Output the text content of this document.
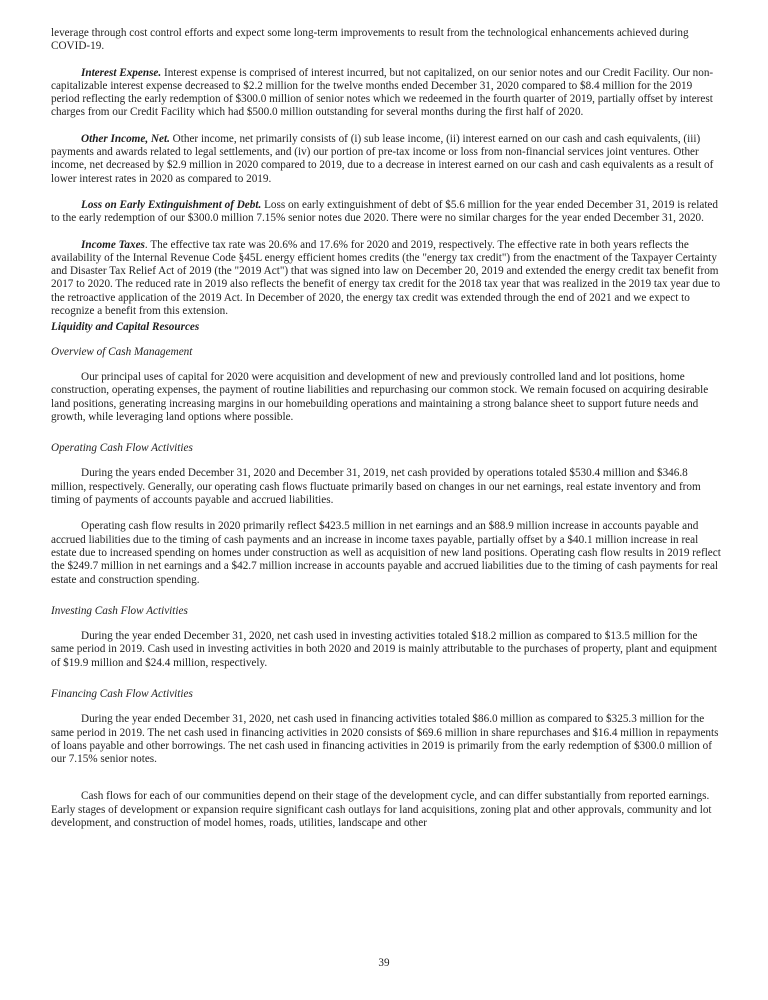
leverage through cost control efforts and expect some long-term improvements to result from the technological enhancements achieved during COVID-19.

Interest Expense. Interest expense is comprised of interest incurred, but not capitalized, on our senior notes and our Credit Facility. Our non-capitalizable interest expense decreased to $2.2 million for the twelve months ended December 31, 2020 compared to $8.4 million for the 2019 period reflecting the early redemption of $300.0 million of senior notes which we redeemed in the fourth quarter of 2019, partially offset by interest charges from our Credit Facility which had $500.0 million outstanding for several months during the first half of 2020.

Other Income, Net. Other income, net primarily consists of (i) sub lease income, (ii) interest earned on our cash and cash equivalents, (iii) payments and awards related to legal settlements, and (iv) our portion of pre-tax income or loss from non-financial services joint ventures. Other income, net decreased by $2.9 million in 2020 compared to 2019, due to a decrease in interest earned on our cash and cash equivalents as a result of lower interest rates in 2020 as compared to 2019.

Loss on Early Extinguishment of Debt. Loss on early extinguishment of debt of $5.6 million for the year ended December 31, 2019 is related to the early redemption of our $300.0 million 7.15% senior notes due 2020. There were no similar charges for the year ended December 31, 2020.

Income Taxes. The effective tax rate was 20.6% and 17.6% for 2020 and 2019, respectively. The effective rate in both years reflects the availability of the Internal Revenue Code §45L energy efficient homes credits (the "energy tax credit") from the enactment of the Taxpayer Certainty and Disaster Tax Relief Act of 2019 (the "2019 Act") that was signed into law on December 20, 2019 and extended the energy credit tax benefit from 2017 to 2020. The reduced rate in 2019 also reflects the benefit of energy tax credit for the 2018 tax year that was realized in the 2019 tax year due to the retroactive application of the 2019 Act. In December of 2020, the energy tax credit was extended through the end of 2021 and we expect to recognize a benefit from this extension.

Liquidity and Capital Resources
Overview of Cash Management

Our principal uses of capital for 2020 were acquisition and development of new and previously controlled land and lot positions, home construction, operating expenses, the payment of routine liabilities and repurchasing our common stock. We remain focused on acquiring desirable land positions, generating increasing margins in our homebuilding operations and maintaining a strong balance sheet to support future needs and growth, while leveraging land options where possible.

Operating Cash Flow Activities

During the years ended December 31, 2020 and December 31, 2019, net cash provided by operations totaled $530.4 million and $346.8 million, respectively. Generally, our operating cash flows fluctuate primarily based on changes in our net earnings, real estate inventory and from timing of payments of accounts payable and accrued liabilities.

Operating cash flow results in 2020 primarily reflect $423.5 million in net earnings and an $88.9 million increase in accounts payable and accrued liabilities due to the timing of cash payments and an increase in income taxes payable, partially offset by a $40.1 million increase in real estate due to increased spending on homes under construction as well as acquisition of new land positions. Operating cash flow results in 2019 reflect the $249.7 million in net earnings and a $42.7 million increase in accounts payable and accrued liabilities due to the timing of cash payments for real estate and construction spending.

Investing Cash Flow Activities

During the year ended December 31, 2020, net cash used in investing activities totaled $18.2 million as compared to $13.5 million for the same period in 2019. Cash used in investing activities in both 2020 and 2019 is mainly attributable to the purchases of property, plant and equipment of $19.9 million and $24.4 million, respectively.

Financing Cash Flow Activities

During the year ended December 31, 2020, net cash used in financing activities totaled $86.0 million as compared to $325.3 million for the same period in 2019. The net cash used in financing activities in 2020 consists of $69.6 million in share repurchases and $16.4 million in repayments of loans payable and other borrowings. The net cash used in financing activities in 2019 is primarily from the early redemption of $300.0 million of our 7.15% senior notes.

Cash flows for each of our communities depend on their stage of the development cycle, and can differ substantially from reported earnings. Early stages of development or expansion require significant cash outlays for land acquisitions, zoning plat and other approvals, community and lot development, and construction of model homes, roads, utilities, landscape and other

39
